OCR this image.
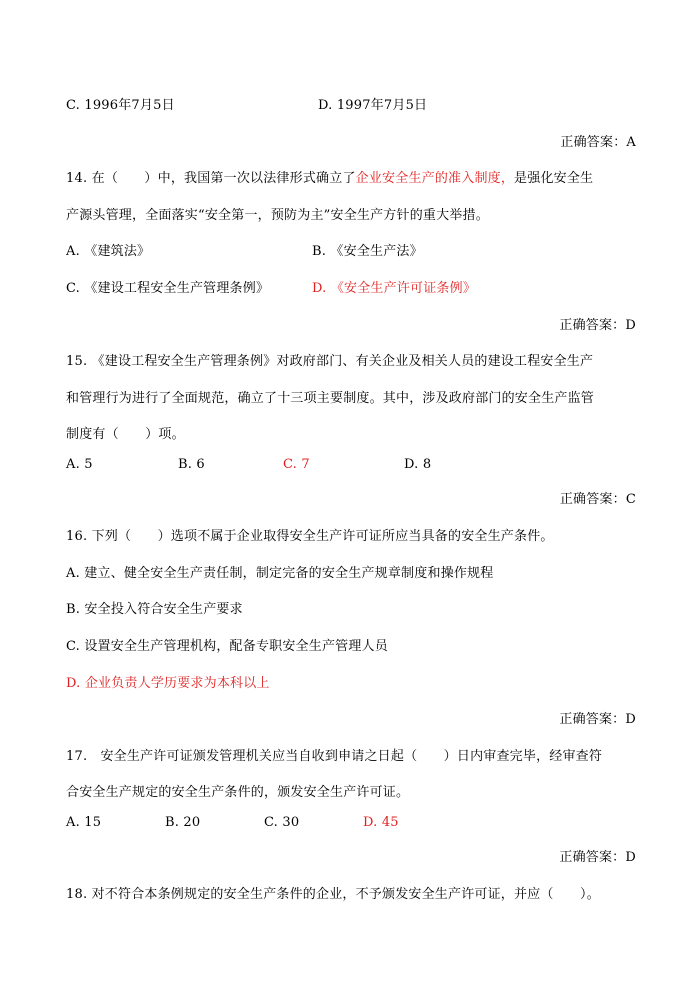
C. 1996年7月5日	D. 1997年7月5日
正确答案：A
14. 在（　　）中，我国第一次以法律形式确立了企业安全生产的准入制度，是强化安全生
产源头管理，全面落实“安全第一，预防为主”安全生产方针的重大举措。
A. 《建筑法》	B. 《安全生产法》
C. 《建设工程安全生产管理条例》	D. 《安全生产许可证条例》
正确答案：D
15. 《建设工程安全生产管理条例》对政府部门、有关企业及相关人员的建设工程安全生产
和管理行为进行了全面规范，确立了十三项主要制度。其中，涉及政府部门的安全生产监管
制度有（　　）项。
A. 5	B. 6	C. 7	D. 8
正确答案：C
16. 下列（　　）选项不属于企业取得安全生产许可证所应当具备的安全生产条件。
A. 建立、健全安全生产责任制，制定完备的安全生产规章制度和操作规程
B. 安全投入符合安全生产要求
C. 设置安全生产管理机构，配备专职安全生产管理人员
D. 企业负责人学历要求为本科以上
正确答案：D
17.　安全生产许可证颁发管理机关应当自收到申请之日起（　　）日内审查完毕，经审查符
合安全生产规定的安全生产条件的，颁发安全生产许可证。
A. 15	B. 20	C. 30	D. 45
正确答案：D
18. 对不符合本条例规定的安全生产条件的企业，不予颁发安全生产许可证，并应（　　）。
